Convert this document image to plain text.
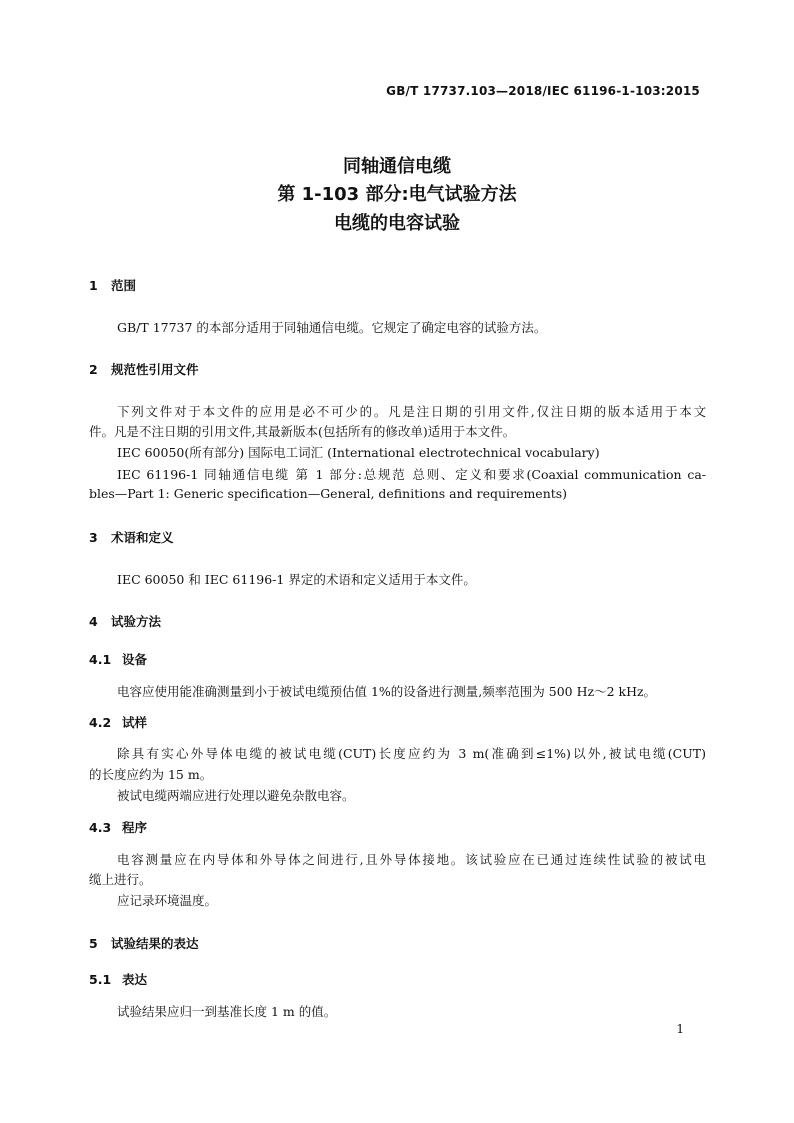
GB/T 17737.103—2018/IEC 61196-1-103:2015
同轴通信电缆
第 1-103 部分:电气试验方法
电缆的电容试验
1 范围
GB/T 17737 的本部分适用于同轴通信电缆。它规定了确定电容的试验方法。
2 规范性引用文件
下列文件对于本文件的应用是必不可少的。凡是注日期的引用文件,仅注日期的版本适用于本文
件。凡是不注日期的引用文件,其最新版本(包括所有的修改单)适用于本文件。
IEC 60050(所有部分) 国际电工词汇 (International electrotechnical vocabulary)
IEC 61196-1 同轴通信电缆 第 1 部分:总规范 总则、定义和要求(Coaxial communication ca-
bles—Part 1: Generic specification—General, definitions and requirements)
3 术语和定义
IEC 60050 和 IEC 61196-1 界定的术语和定义适用于本文件。
4 试验方法
4.1 设备
电容应使用能准确测量到小于被试电缆预估值 1%的设备进行测量,频率范围为 500 Hz～2 kHz。
4.2 试样
除具有实心外导体电缆的被试电缆(CUT)长度应约为 3 m(准确到≤1%)以外,被试电缆(CUT)
的长度应约为 15 m。
被试电缆两端应进行处理以避免杂散电容。
4.3 程序
电容测量应在内导体和外导体之间进行,且外导体接地。该试验应在已通过连续性试验的被试电
缆上进行。
应记录环境温度。
5 试验结果的表达
5.1 表达
试验结果应归一到基准长度 1 m 的值。
1
